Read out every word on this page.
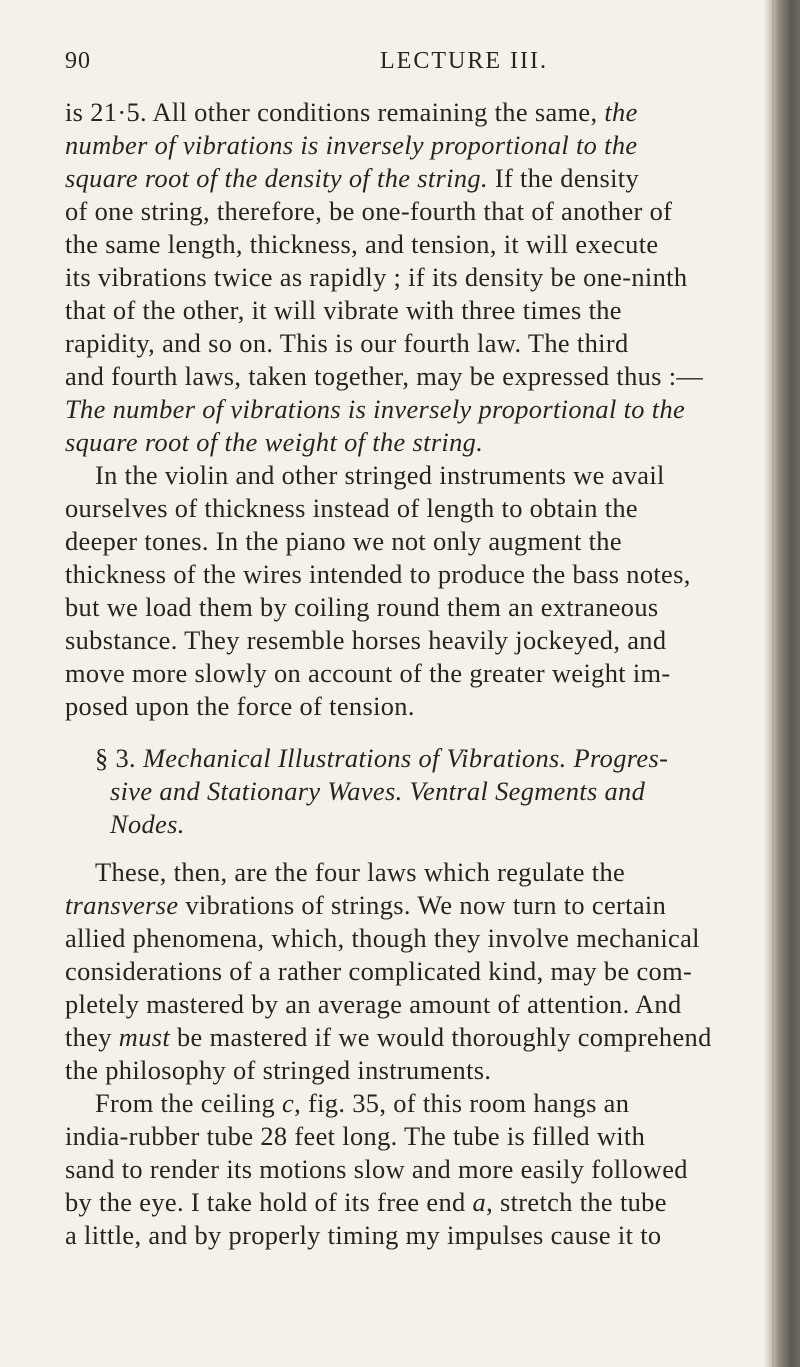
90	LECTURE III.
is 21·5. All other conditions remaining the same, the
number of vibrations is inversely proportional to the
square root of the density of the string. If the density
of one string, therefore, be one-fourth that of another of
the same length, thickness, and tension, it will execute
its vibrations twice as rapidly ; if its density be one-ninth
that of the other, it will vibrate with three times the
rapidity, and so on. This is our fourth law. The third
and fourth laws, taken together, may be expressed thus :—
The number of vibrations is inversely proportional to the
square root of the weight of the string.
In the violin and other stringed instruments we avail
ourselves of thickness instead of length to obtain the
deeper tones. In the piano we not only augment the
thickness of the wires intended to produce the bass notes,
but we load them by coiling round them an extraneous
substance. They resemble horses heavily jockeyed, and
move more slowly on account of the greater weight im-
posed upon the force of tension.
§ 3. Mechanical Illustrations of Vibrations. Progres-
sive and Stationary Waves. Ventral Segments and
Nodes.
These, then, are the four laws which regulate the
transverse vibrations of strings. We now turn to certain
allied phenomena, which, though they involve mechanical
considerations of a rather complicated kind, may be com-
pletely mastered by an average amount of attention. And
they must be mastered if we would thoroughly comprehend
the philosophy of stringed instruments.
From the ceiling c, fig. 35, of this room hangs an
india-rubber tube 28 feet long. The tube is filled with
sand to render its motions slow and more easily followed
by the eye. I take hold of its free end a, stretch the tube
a little, and by properly timing my impulses cause it to
